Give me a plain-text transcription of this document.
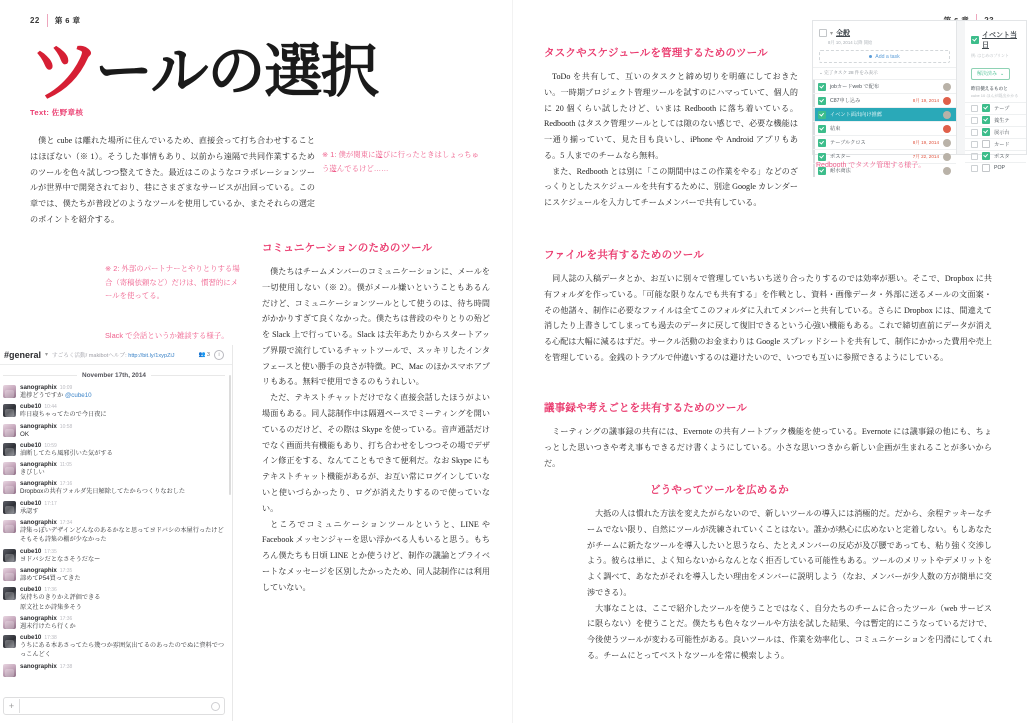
22 第 6 章
ツールの選択
Text: 佐野章核

僕と cube は離れた場所に住んでいるため、直接会って打ち合わせすることはほぼない（※ 1）。そうした事情もあり、以前から遠隔で共同作業するためのツールを色々試しつつ整えてきた。最近はこのようなコラボレーションツールが世界中で開発されており、巷にさまざまなサービスが出回っている。この章では、僕たちが普段どのようなツールを使用しているか、またそれらの選定のポイントを紹介する。

※ 1: 僕が関東に遊びに行ったときはしょっちゅう遊んでるけど……
※ 2: 外部のパートナーとやりとりする場合（寄稿依頼など）だけは、慣習的にメールを使ってる。
Slack で会話というか雑談する様子。
コミュニケーションのためのツール

僕たちはチームメンバーのコミュニケーションに、メールを一切使用しない（※ 2）。僕がメール嫌いということもあるんだけど、コミュニケーションツールとして使うのは、待ち時間がかかりすぎて良くなかった。僕たちは普段のやりとりの殆どを Slack 上で行っている。Slack は去年あたりからスタートアップ界隈で流行しているチャットツールで、スッキリしたインタフェースと使い勝手の良さが特徴。PC、Mac のほかスマホアプリもある。無料で使用できるのもうれしい。

ただ、テキストチャットだけでなく直接会話したほうがよい場面もある。同人誌制作中は隔週ペースでミーティングを開いているのだけど、その際は Skype を使っている。音声通話だけでなく画面共有機能もあり、打ち合わせをしつつその場でデザイン修正をする、なんてこともできて便利だ。なお Skype にもテキストチャット機能があるが、お互い常にログインしていないと使いづらかったり、ログが消えたりするので使っていない。

ところでコミュニケーションツールというと、LINE や Facebook メッセンジャーを思い浮かべる人もいると思う。もちろん僕たちも日頃 LINE とか使うけど、制作の議論とプライベートなメッセージを区別したかったため、同人誌制作には利用していない。

#general ▾ すごろく活動/ makibotヘルプ: http://bit.ly/1xypZiJ	👥 3	i
November 17th, 2014
sanographix 10:09
進捗どうですか @cube10
cube10 10:44
昨日寝ちゃってたので今日夜に
sanographix 10:58
OK
cube10 10:59
油断してたら風邪引いた気がする
sanographix 11:05
きびしい
sanographix 17:16
Dropboxの共有フォルダ先日解除してたからつくりなおした
cube10 17:17
承認す
sanographix 17:34
詩集っぽいデザインどんなのあるかなと思ってヨドバシの本屋行ったけどそもそも詩集の棚が少なかった
cube10 17:35
ヨドバシだとなさそうだなー
sanographix 17:35
諦めてP54買ってきた
cube10 17:36
気持ちのきりかえ評価できる
原文社とか詩集多そう
sanographix 17:36
週末行けたら行くか
cube10 17:38
うちにある本あさってたら幾つか雰囲気出てるのあったのでぬに資料でつっこんどく
sanographix 17:38
+
タスクやスケジュールを管理するためのツール

ToDo を共有して、互いのタスクと締め切りを明確にしておきたい。一時期プロジェクト管理ツールを試すのにハマっていて、個人的に 20 個くらい試したけど、いまは Redbooth に落ち着いている。Redbooth はタスク管理ツールとしては隙のない感じで、必要な機能は一通り揃っていて、見た目も良いし、iPhone や Android アプリもある。5 人までのチームなら無料。

また、Redbooth とは別に「この期間中はこの作業をやる」などのざっくりとしたスケジュールを共有するために、別途 Google カレンダーにスケジュールを入力してチームメンバーで共有している。

▾ 全般
8月 10, 2014 以降 開始
Add a task
⌄ 完了タスク 28 件をみ表示
jobカードweb で配布
C87申し込み	8月 19, 2014
イベント面出向け推薦
結束
テーブルクロス	8月 19, 2014
ポスター	7月 22, 2014
耐水商法
イベント当日
例: はじめのプリント
解決済み ⌄
昨日使えるものと
cube 10 ほんが既出かかる
テープ
養生テ
展示台
カード
ポスタ
POP
Redbooth でタスク管理する様子。
ファイルを共有するためのツール

同人誌の入稿データとか、お互いに別々で管理していちいち送り合ったりするのでは効率が悪い。そこで、Dropbox に共有フォルダを作っている。「可能な限りなんでも共有する」を作戦とし、資料・画像データ・外部に送るメールの文面案・その他諸々、制作に必要なファイルは全てこのフォルダに入れてメンバーと共有している。さらに Dropbox には、間違えて消したり上書きしてしまっても過去のデータに戻して復旧できるという心強い機能もある。これで締切直前にデータが消える心配は大幅に減るはずだ。サークル活動のお金まわりは Google スプレッドシートを共有して、制作にかかった費用や売上を管理している。金銭のトラブルで仲違いするのは避けたいので、いつでも互いに参照できるようにしている。

議事録や考えごとを共有するためのツール

ミーティングの議事録の共有には、Evernote の共有ノートブック機能を使っている。Evernote には議事録の他にも、ちょっとした思いつきや考え事もできるだけ書くようにしている。小さな思いつきから新しい企画が生まれることが多いからだ。

どうやってツールを広めるか

大抵の人は慣れた方法を変えたがらないので、新しいツールの導入には消極的だ。だから、余程テッキーなチームでない限り、自然にツールが洗練されていくことはない。誰かが熱心に広めないと定着しない。もしあなたがチームに新たなツールを導入したいと思うなら、たとえメンバーの反応が及び腰であっても、粘り強く交渉しよう。彼らは単に、よく知らないからなんとなく拒否している可能性もある。ツールのメリットやデメリットをよく調べて、あなたがそれを導入したい理由をメンバーに説明しよう（なお、メンバーが少人数の方が簡単に交渉できる）。

大事なことは、ここで紹介したツールを使うことではなく、自分たちのチームに合ったツール（web サービスに限らない）を使うことだ。僕たちも色々なツールや方法を試した結果、今は暫定的にこうなっているだけで、今後使うツールが変わる可能性がある。良いツールは、作業を効率化し、コミュニケーションを円滑にしてくれる。チームにとってベストなツールを常に模索しよう。
